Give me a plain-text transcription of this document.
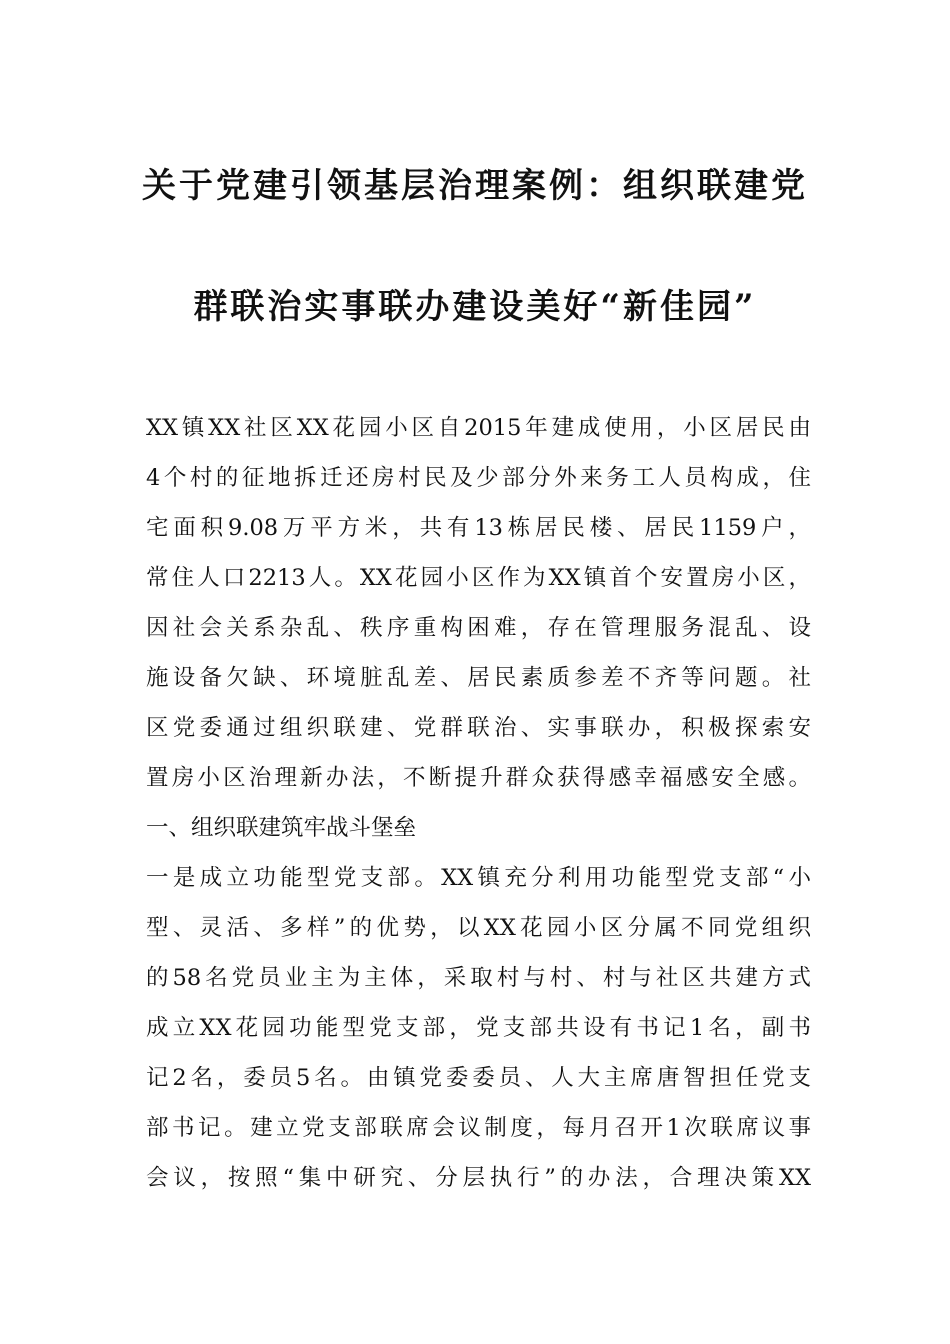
关于党建引领基层治理案例：组织联建党
群联治实事联办建设美好“新佳园”
XX镇XX社区XX花园小区自2015年建成使用，小区居民由
4个村的征地拆迁还房村民及少部分外来务工人员构成，住
宅面积9.08万平方米，共有13栋居民楼、居民1159户，
常住人口2213人。XX花园小区作为XX镇首个安置房小区，
因社会关系杂乱、秩序重构困难，存在管理服务混乱、设
施设备欠缺、环境脏乱差、居民素质参差不齐等问题。社
区党委通过组织联建、党群联治、实事联办，积极探索安
置房小区治理新办法，不断提升群众获得感幸福感安全感。
一、组织联建筑牢战斗堡垒
一是成立功能型党支部。XX镇充分利用功能型党支部“小
型、灵活、多样”的优势，以XX花园小区分属不同党组织
的58名党员业主为主体，采取村与村、村与社区共建方式
成立XX花园功能型党支部，党支部共设有书记1名，副书
记2名，委员5名。由镇党委委员、人大主席唐智担任党支
部书记。建立党支部联席会议制度，每月召开1次联席议事
会议，按照“集中研究、分层执行”的办法，合理决策XX
